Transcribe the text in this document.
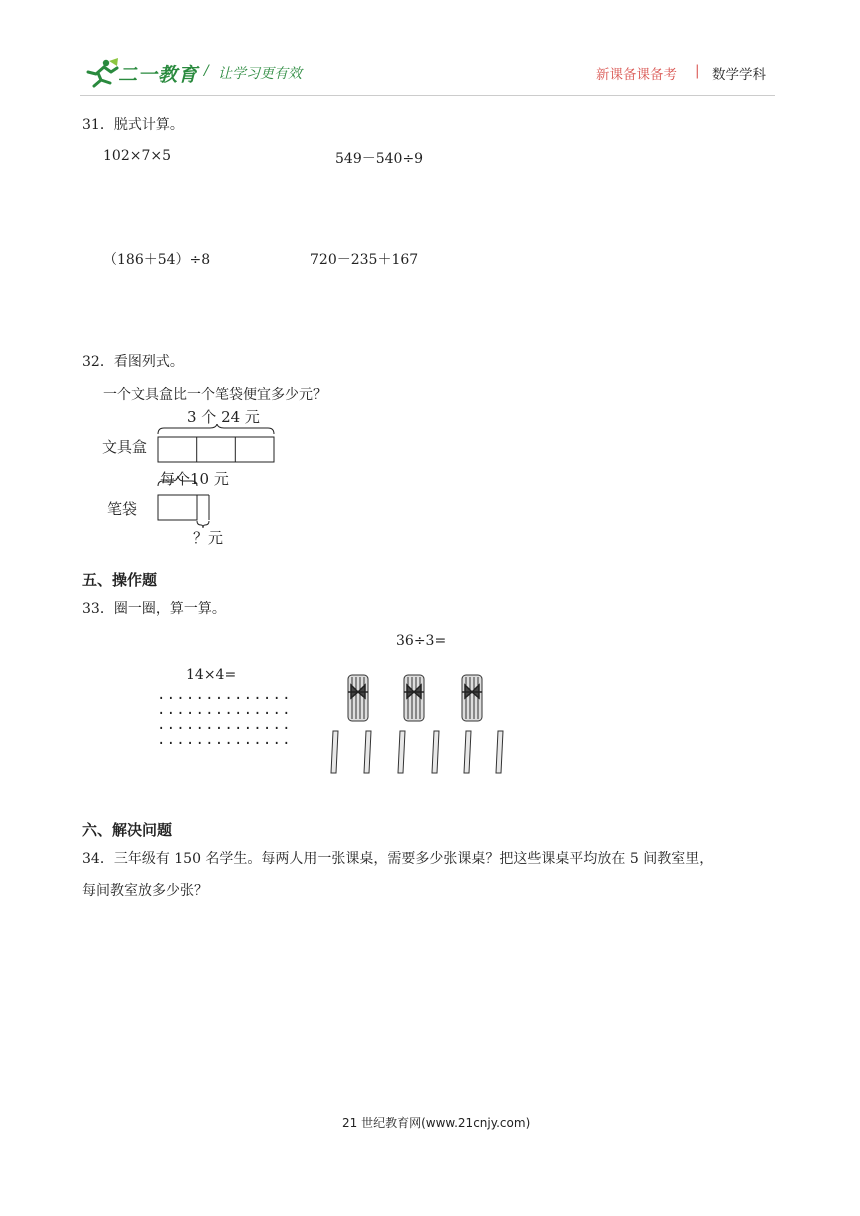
二一教育 / 让学习更有效	新课备课备考 | 数学学科
31．脱式计算。
102×7×5	549－540÷9
（186＋54）÷8	720－235＋167
32．看图列式。
一个文具盒比一个笔袋便宜多少元？
3 个 24 元
文具盒
每个10 元
笔袋
？元
五、操作题
33．圈一圈，算一算。
36÷3=
14×4=
..............
..............
..............
..............
六、解决问题
34．三年级有 150 名学生。每两人用一张课桌，需要多少张课桌？把这些课桌平均放在 5 间教室里，
每间教室放多少张？
21 世纪教育网(www.21cnjy.com)
